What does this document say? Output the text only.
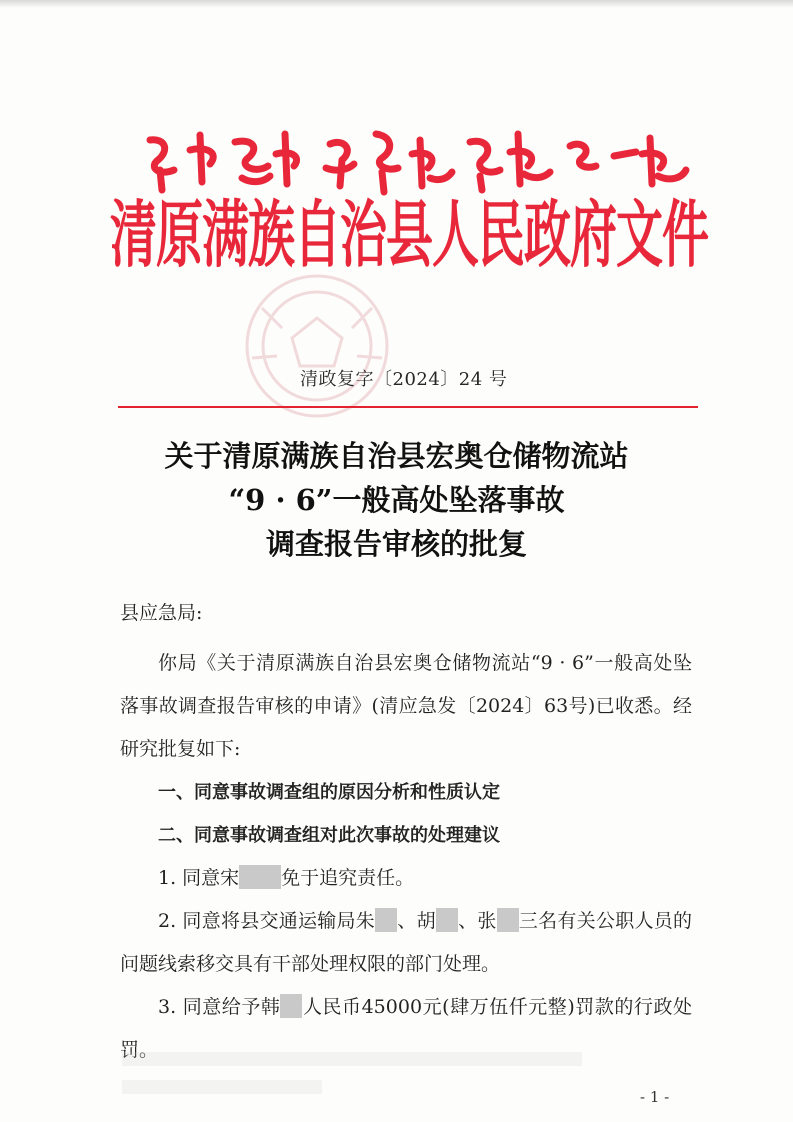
清原满族自治县人民政府文件

清政复字〔2024〕24 号
关于清原满族自治县宏奥仓储物流站
“9 · 6”一般高处坠落事故
调查报告审核的批复
县应急局:

你局《关于清原满族自治县宏奥仓储物流站“9 · 6”一般高处坠落事故调查报告审核的申请》(清应急发〔2024〕63号)已收悉。经研究批复如下:

一、同意事故调查组的原因分析和性质认定

二、同意事故调查组对此次事故的处理建议

1. 同意宋 免于追究责任。

2. 同意将县交通运输局朱 、胡 、张 三名有关公职人员的问题线索移交具有干部处理权限的部门处理。

3. 同意给予韩 人民币45000元(肆万伍仟元整)罚款的行政处罚。

- 1 -
